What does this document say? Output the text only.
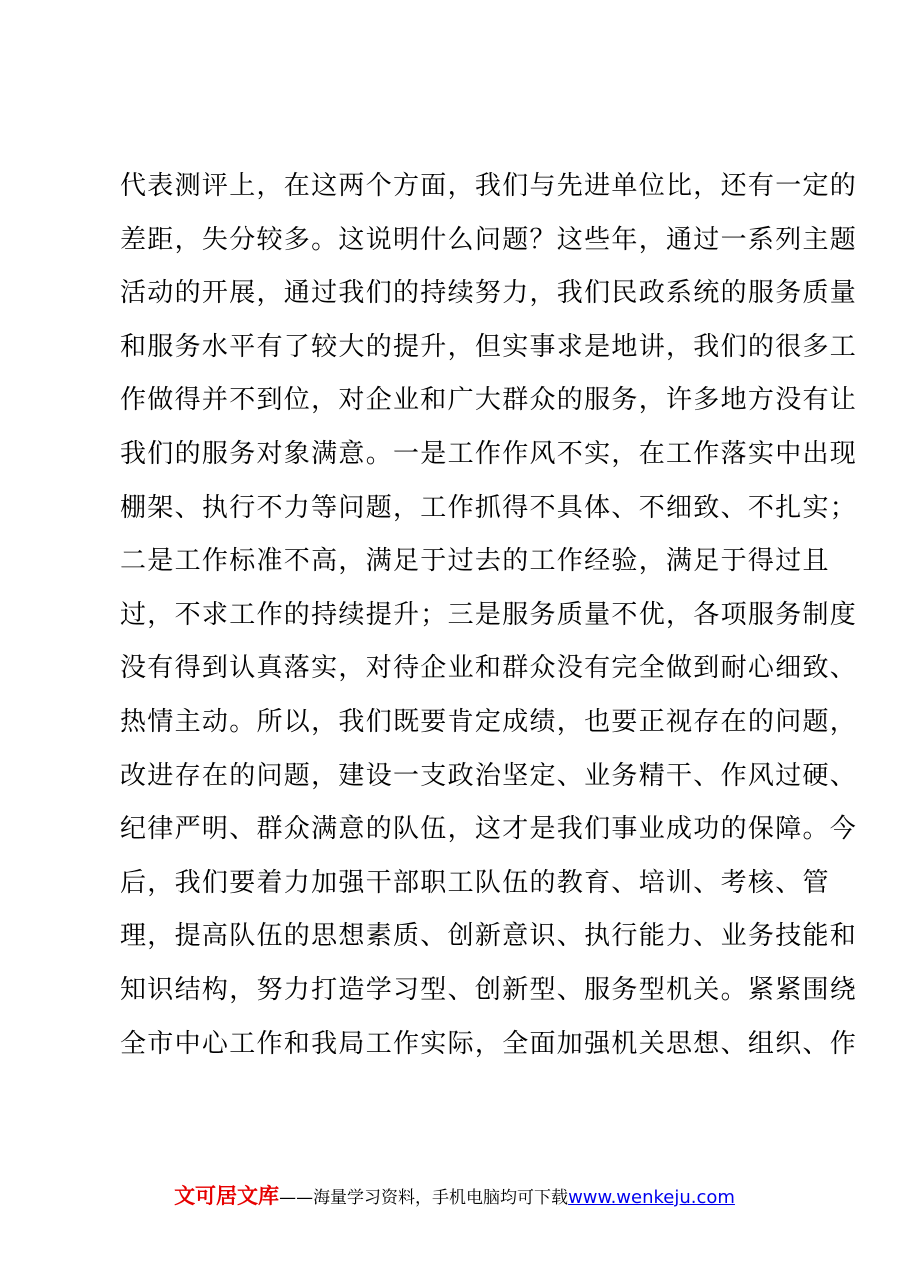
代表测评上，在这两个方面，我们与先进单位比，还有一定的
差距，失分较多。这说明什么问题？这些年，通过一系列主题
活动的开展，通过我们的持续努力，我们民政系统的服务质量
和服务水平有了较大的提升，但实事求是地讲，我们的很多工
作做得并不到位，对企业和广大群众的服务，许多地方没有让
我们的服务对象满意。一是工作作风不实，在工作落实中出现
棚架、执行不力等问题，工作抓得不具体、不细致、不扎实；
二是工作标准不高，满足于过去的工作经验，满足于得过且
过，不求工作的持续提升；三是服务质量不优，各项服务制度
没有得到认真落实，对待企业和群众没有完全做到耐心细致、
热情主动。所以，我们既要肯定成绩，也要正视存在的问题，
改进存在的问题，建设一支政治坚定、业务精干、作风过硬、
纪律严明、群众满意的队伍，这才是我们事业成功的保障。今
后，我们要着力加强干部职工队伍的教育、培训、考核、管
理，提高队伍的思想素质、创新意识、执行能力、业务技能和
知识结构，努力打造学习型、创新型、服务型机关。紧紧围绕
全市中心工作和我局工作实际，全面加强机关思想、组织、作
文可居文库——海量学习资料，手机电脑均可下载www.wenkeju.com
